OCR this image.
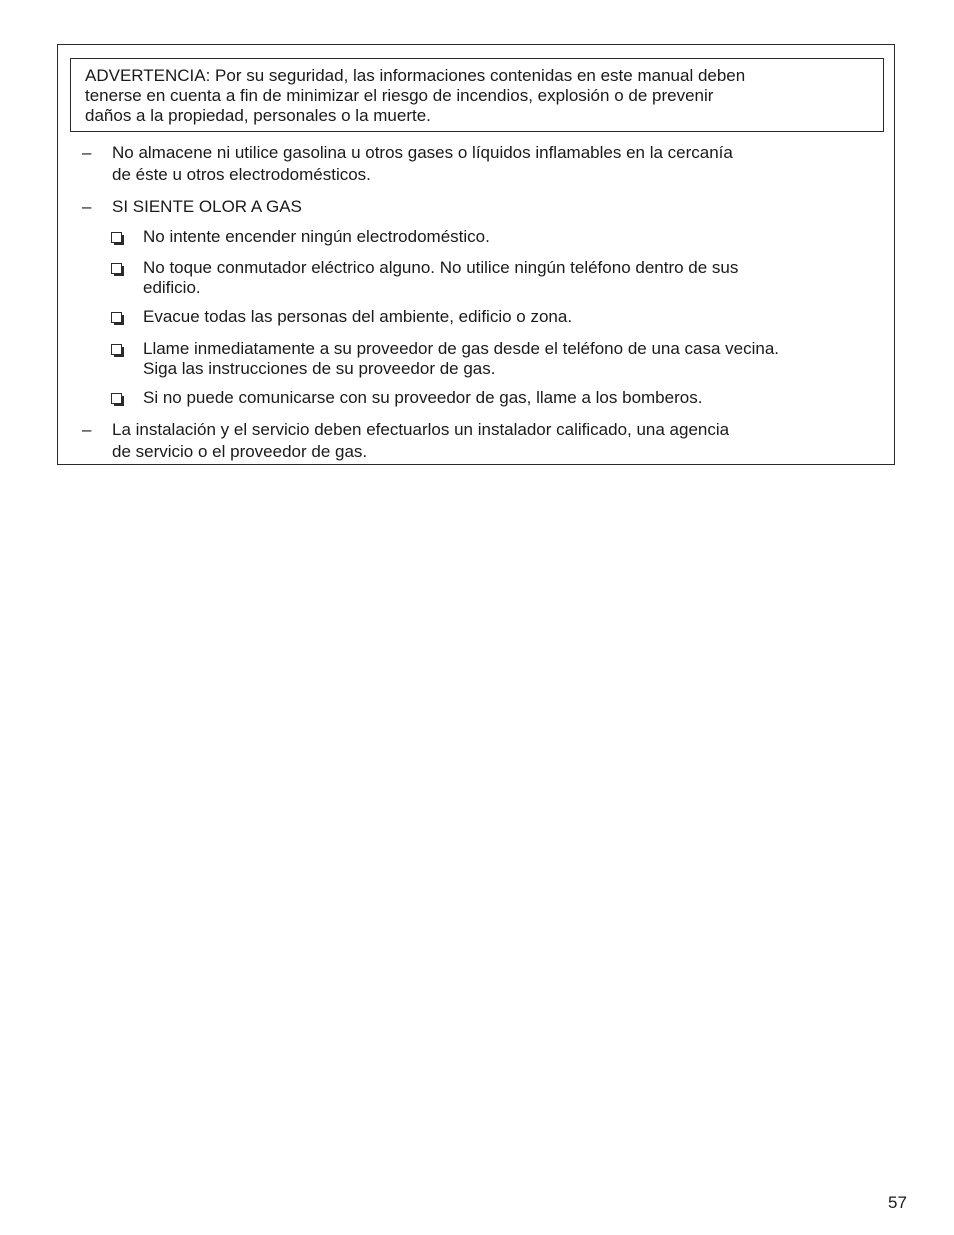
ADVERTENCIA: Por su seguridad, las informaciones contenidas en este manual deben
tenerse en cuenta a fin de minimizar el riesgo de incendios, explosión o de prevenir
daños a la propiedad, personales o la muerte.
–	No almacene ni utilice gasolina u otros gases o líquidos inflamables en la cercanía
de éste u otros electrodomésticos.
–	SI SIENTE OLOR A GAS
No intente encender ningún electrodoméstico.
No toque conmutador eléctrico alguno. No utilice ningún teléfono dentro de sus
edificio.
Evacue todas las personas del ambiente, edificio o zona.
Llame inmediatamente a su proveedor de gas desde el teléfono de una casa vecina.
Siga las instrucciones de su proveedor de gas.
Si no puede comunicarse con su proveedor de gas, llame a los bomberos.
–	La instalación y el servicio deben efectuarlos un instalador calificado, una agencia
de servicio o el proveedor de gas.
57
